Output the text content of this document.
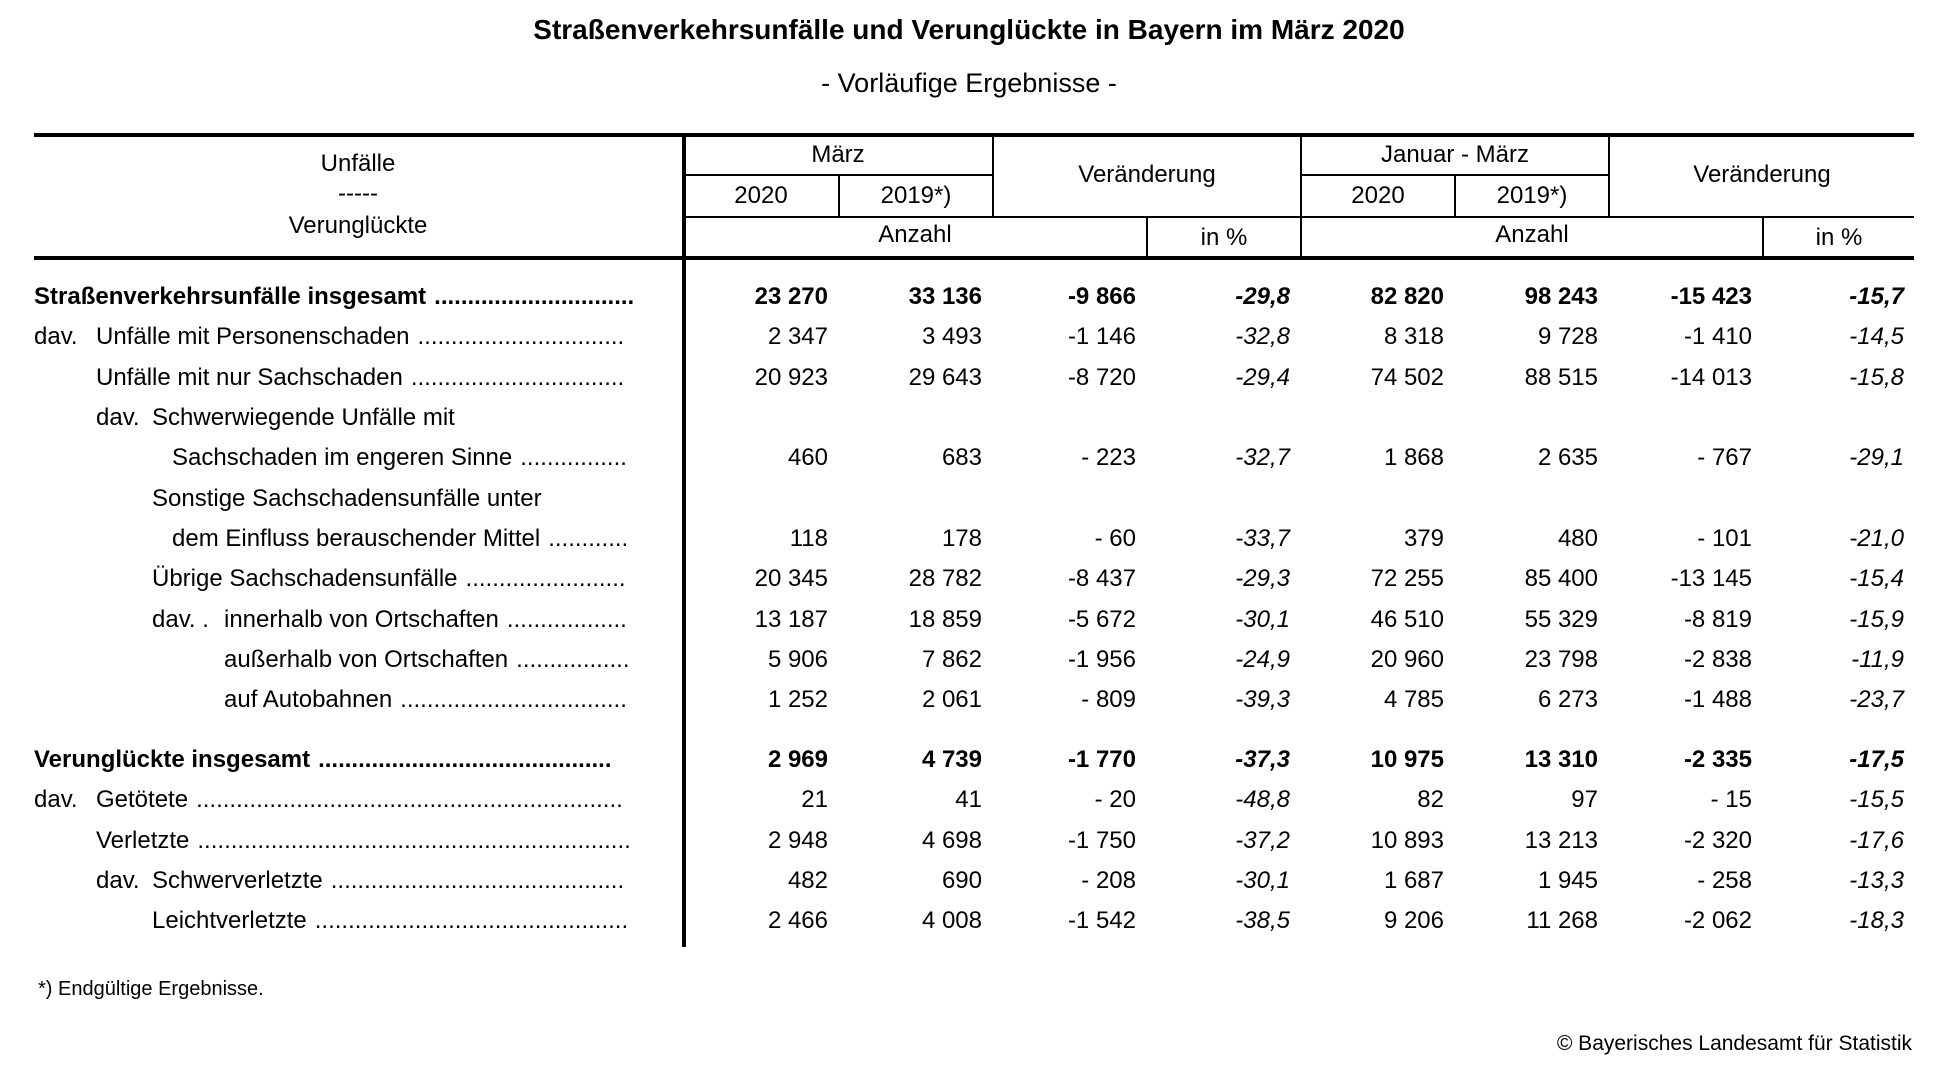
Straßenverkehrsunfälle und Verunglückte in Bayern im März 2020
- Vorläufige Ergebnisse -
Unfälle
-----
Verunglückte
März
2020	2019*)
Veränderung
Anzahl	in %
Januar - März
2020	2019*)
Veränderung
Anzahl	in %
Straßenverkehrsunfälle insgesamt ..............................	23 270	33 136	-9 866	-29,8	82 820	98 243	-15 423	-15,7
dav. Unfälle mit Personenschaden ...............................	2 347	3 493	-1 146	-32,8	8 318	9 728	-1 410	-14,5
Unfälle mit nur Sachschaden ................................	20 923	29 643	-8 720	-29,4	74 502	88 515	-14 013	-15,8
dav. Schwerwiegende Unfälle mit
Sachschaden im engeren Sinne ................	460	683	- 223	-32,7	1 868	2 635	- 767	-29,1
Sonstige Sachschadensunfälle unter
dem Einfluss berauschender Mittel ............	118	178	- 60	-33,7	379	480	- 101	-21,0
Übrige Sachschadensunfälle ........................	20 345	28 782	-8 437	-29,3	72 255	85 400	-13 145	-15,4
dav. . innerhalb von Ortschaften ..................	13 187	18 859	-5 672	-30,1	46 510	55 329	-8 819	-15,9
außerhalb von Ortschaften .................	5 906	7 862	-1 956	-24,9	20 960	23 798	-2 838	-11,9
auf Autobahnen ..................................	1 252	2 061	- 809	-39,3	4 785	6 273	-1 488	-23,7
Verunglückte insgesamt ............................................	2 969	4 739	-1 770	-37,3	10 975	13 310	-2 335	-17,5
dav. Getötete ................................................................	21	41	- 20	-48,8	82	97	- 15	-15,5
Verletzte .................................................................	2 948	4 698	-1 750	-37,2	10 893	13 213	-2 320	-17,6
dav. Schwerverletzte ............................................	482	690	- 208	-30,1	1 687	1 945	- 258	-13,3
Leichtverletzte ...............................................	2 466	4 008	-1 542	-38,5	9 206	11 268	-2 062	-18,3
*) Endgültige Ergebnisse.
© Bayerisches Landesamt für Statistik
